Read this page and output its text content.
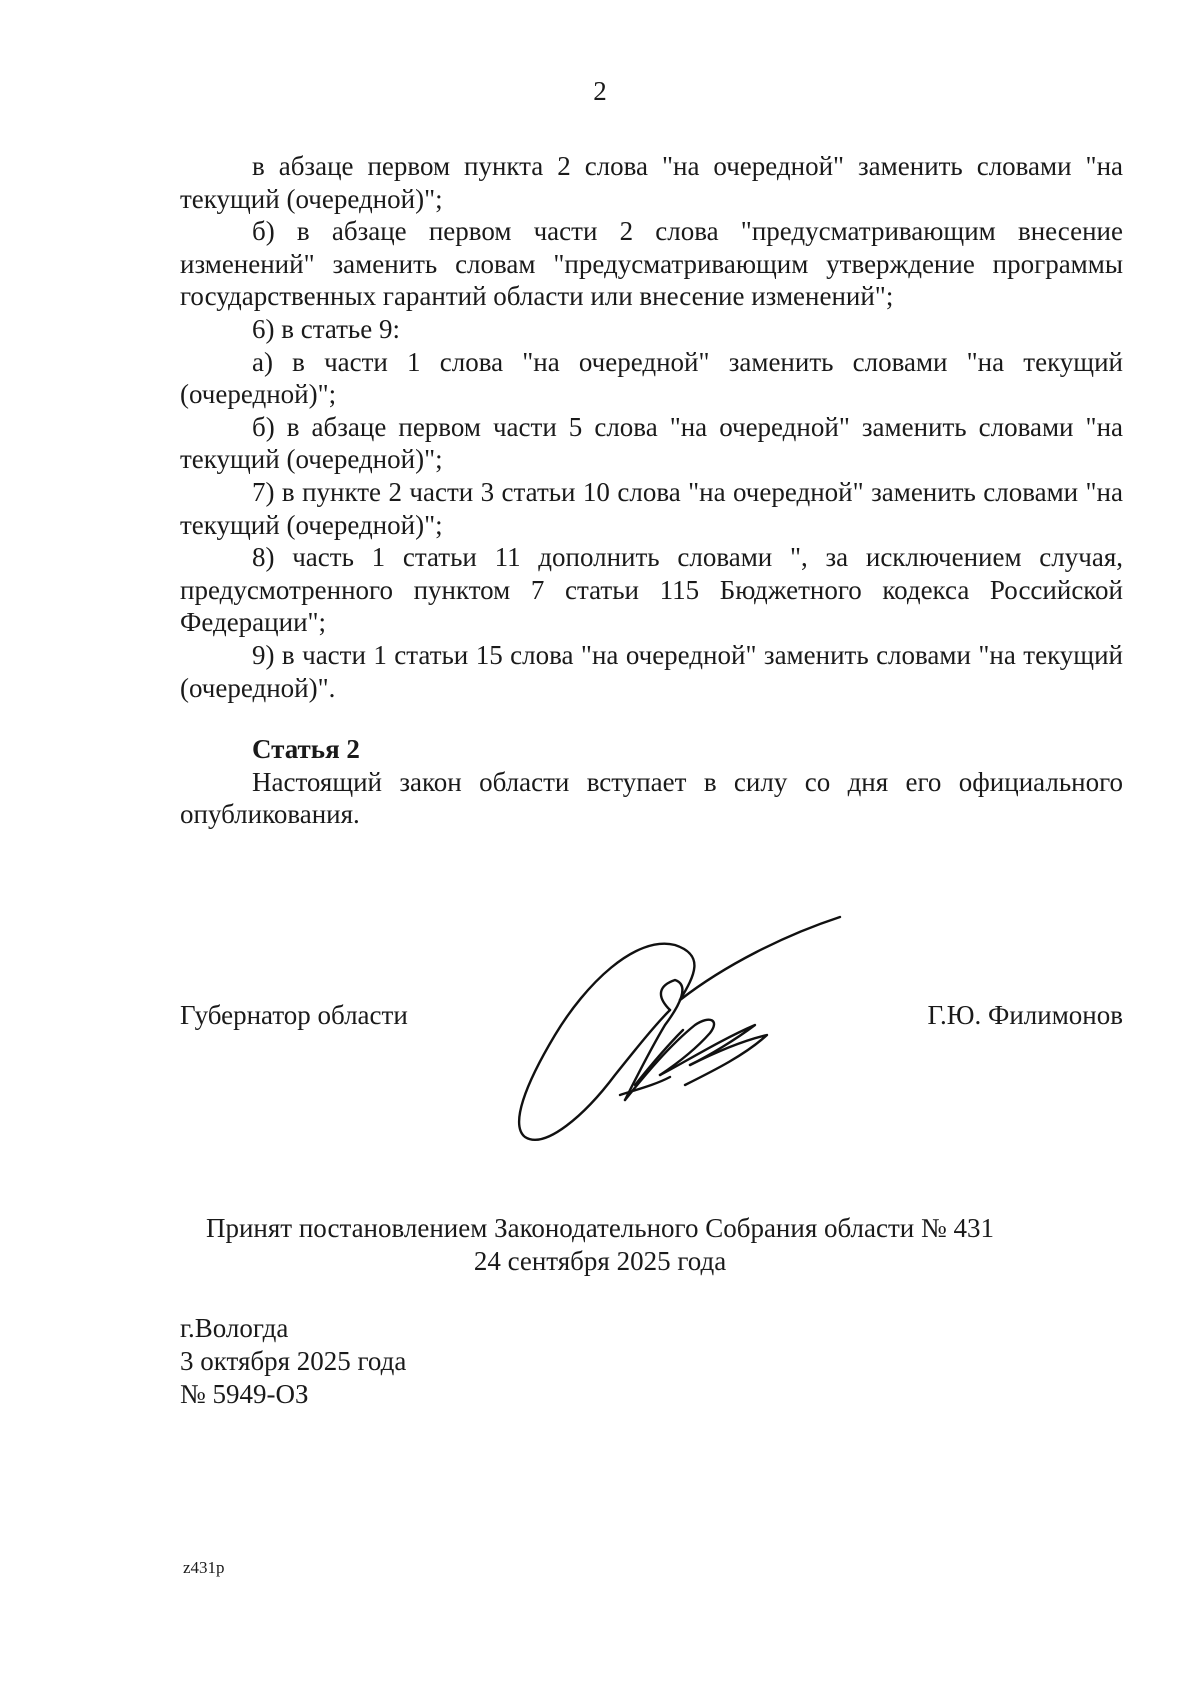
2

в абзаце первом пункта 2 слова "на очередной" заменить словами "на текущий (очередной)";

б) в абзаце первом части 2 слова "предусматривающим внесение изменений" заменить словам "предусматривающим утверждение программы государственных гарантий области или внесение изменений";

6) в статье 9:

а) в части 1 слова "на очередной" заменить словами "на текущий (очередной)";

б) в абзаце первом части 5 слова "на очередной" заменить словами "на текущий (очередной)";

7) в пункте 2 части 3 статьи 10 слова "на очередной" заменить словами "на текущий (очередной)";

8) часть 1 статьи 11 дополнить словами ", за исключением случая, предусмотренного пунктом 7 статьи 115 Бюджетного кодекса Российской Федерации";

9) в части 1 статьи 15 слова "на очередной" заменить словами "на текущий (очередной)".

Статья 2

Настоящий закон области вступает в силу со дня его официального опубликования.

Губернатор области	Г.Ю. Филимонов
Принят постановлением Законодательного Собрания области № 431
24 сентября 2025 года
г.Вологда
3 октября 2025 года
№ 5949-ОЗ
z431p
